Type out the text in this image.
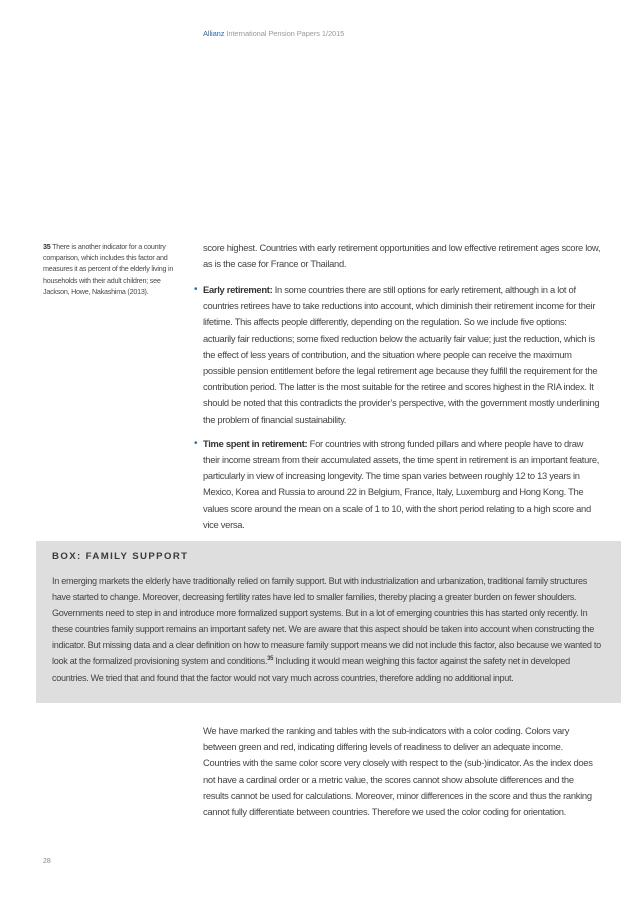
Allianz International Pension Papers 1/2015
35 There is another indicator for a country comparison, which includes this factor and measures it as percent of the elderly living in households with their adult children; see Jackson, Howe, Nakashima (2013).

score highest. Countries with early retirement opportunities and low effective retirement ages score low, as is the case for France or Thailand.

• Early retirement: In some countries there are still options for early retirement, although in a lot of countries retirees have to take reductions into account, which diminish their retirement income for their lifetime. This affects people differently, depending on the regulation. So we include five options: actuarily fair reductions; some fixed reduction below the actuarily fair value; just the reduction, which is the effect of less years of contribution, and the situation where people can receive the maximum possible pension entitlement before the legal retirement age because they fulfill the requirement for the contribution period. The latter is the most suitable for the retiree and scores highest in the RIA index. It should be noted that this contradicts the provider’s perspective, with the government mostly underlining the problem of financial sustainability.
• Time spent in retirement: For countries with strong funded pillars and where people have to draw their income stream from their accumulated assets, the time spent in retirement is an important feature, particularly in view of increasing longevity. The time span varies between roughly 12 to 13 years in Mexico, Korea and Russia to around 22 in Belgium, France, Italy, Luxemburg and Hong Kong. The values score around the mean on a scale of 1 to 10, with the short period relating to a high score and vice versa.
BOX: FAMILY SUPPORT
In emerging markets the elderly have traditionally relied on family support. But with industrialization and urbanization, traditional family structures have started to change. Moreover, decreasing fertility rates have led to smaller families, thereby placing a greater burden on fewer shoulders. Governments need to step in and introduce more formalized support systems. But in a lot of emerging countries this has started only recently. In these countries family support remains an important safety net. We are aware that this aspect should be taken into account when constructing the indicator. But missing data and a clear definition on how to measure family support means we did not include this factor, also because we wanted to look at the formalized provisioning system and conditions.$^{35}$ Including it would mean weighing this factor against the safety net in developed countries. We tried that and found that the factor would not vary much across countries, therefore adding no additional input.

We have marked the ranking and tables with the sub-indicators with a color coding. Colors vary between green and red, indicating differing levels of readiness to deliver an adequate income. Countries with the same color score very closely with respect to the (sub-)indicator. As the index does not have a cardinal order or a metric value, the scores cannot show absolute differences and the results cannot be used for calculations. Moreover, minor differences in the score and thus the ranking cannot fully differentiate between countries. Therefore we used the color coding for orientation.

28
